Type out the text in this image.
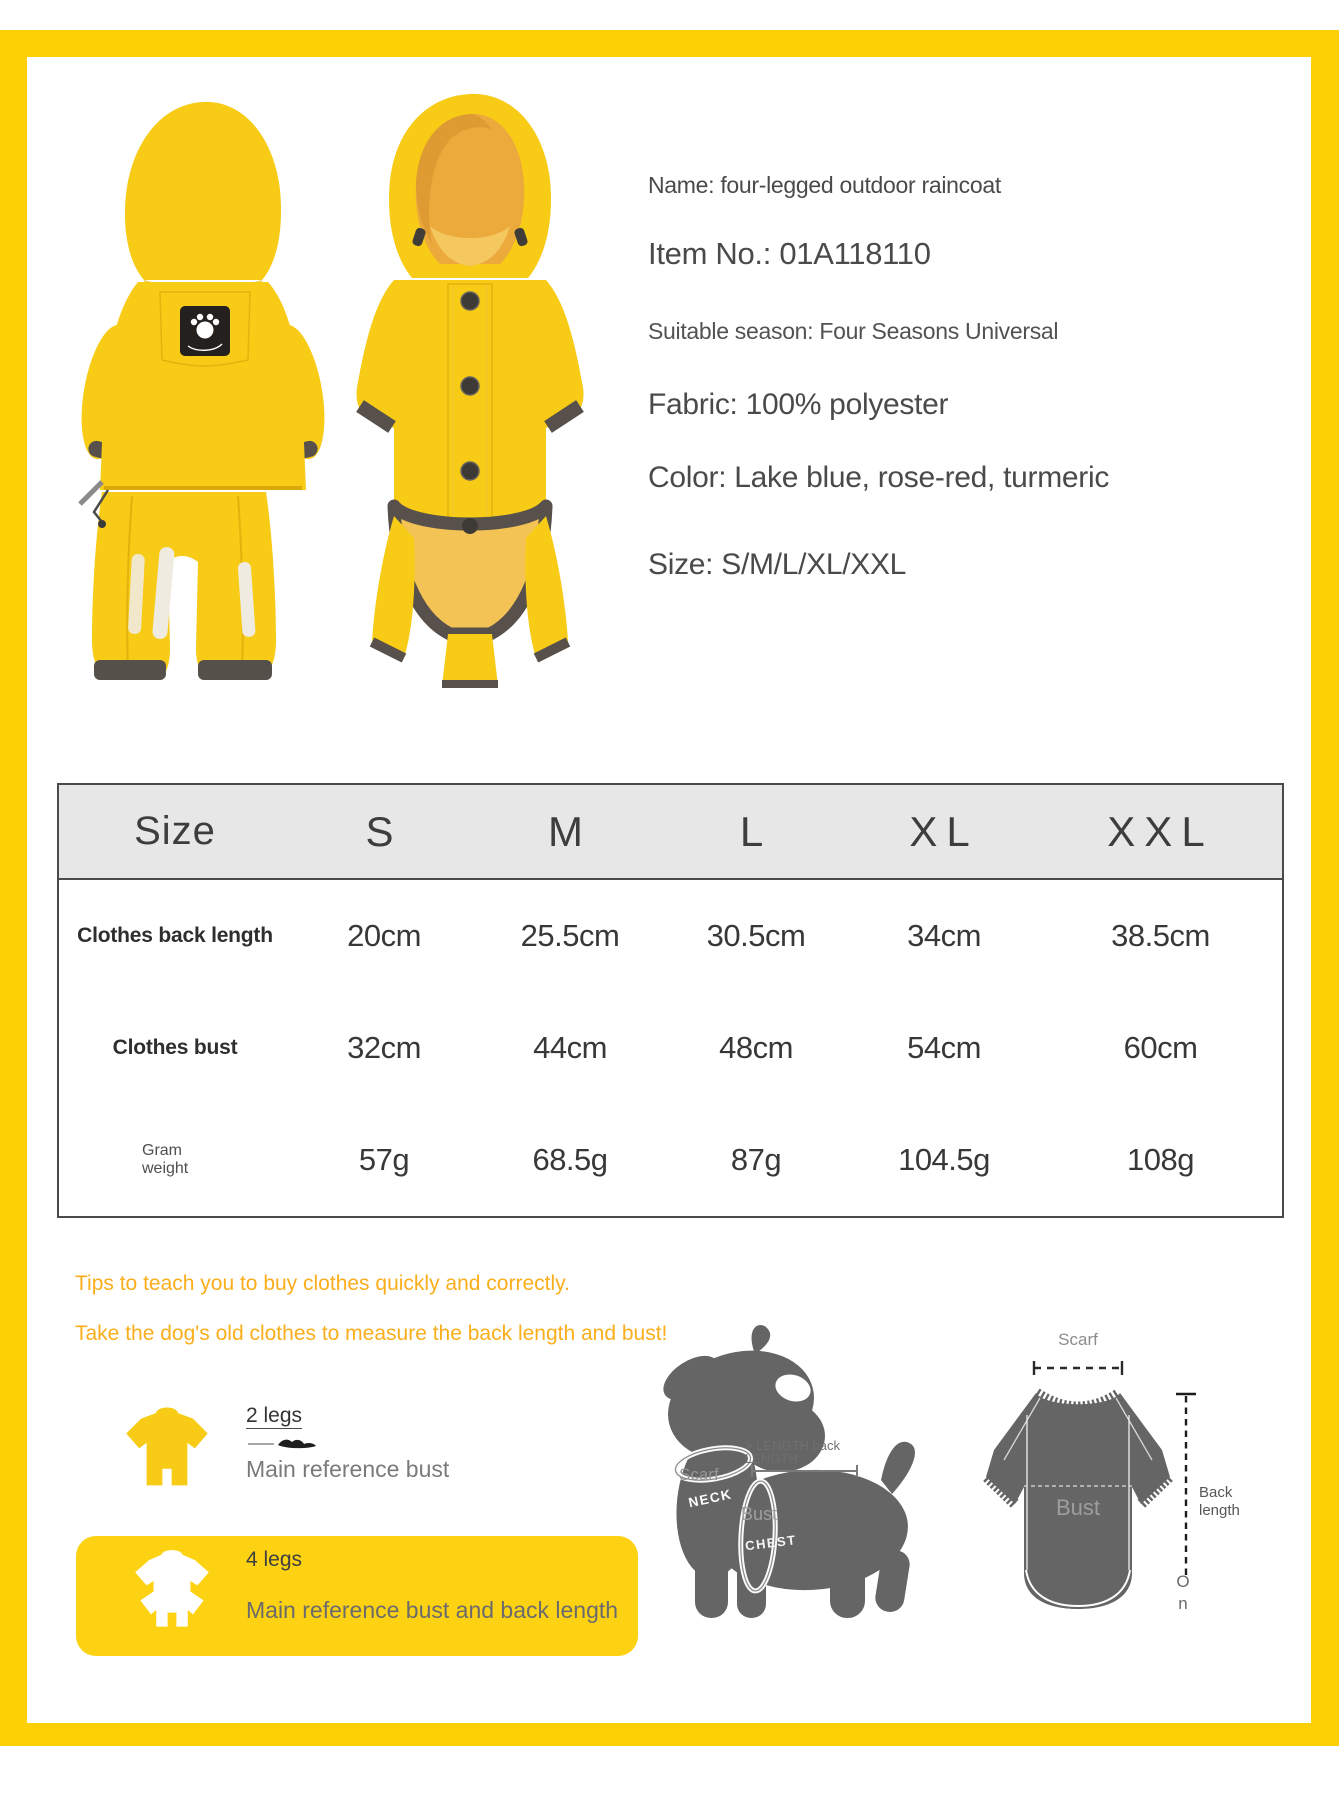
Name: four-legged outdoor raincoat
Item No.: 01A118110
Suitable season: Four Seasons Universal
Fabric: 100% polyester
Color: Lake blue, rose-red, turmeric
Size: S/M/L/XL/XXL
Size	S	M	L	XL	XXL
Clothes back length	20cm	25.5cm	30.5cm	34cm	38.5cm
Clothes bust	32cm	44cm	48cm	54cm	60cm
Gram weight	57g	68.5g	87g	104.5g	108g
Tips to teach you to buy clothes quickly and correctly.
Take the dog's old clothes to measure the back length and bust!
2 legs
Main reference bust
4 legs
Main reference bust and back length
> LENGTH back
LENGTH
Scarf
NECK
Bust
CHEST
Scarf
Bust
Back
length
O
n
